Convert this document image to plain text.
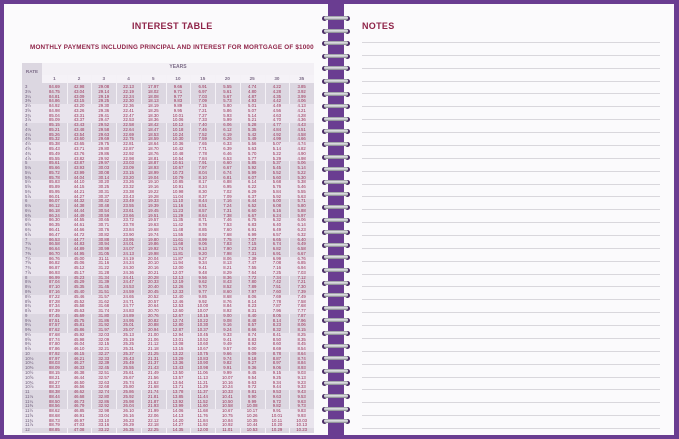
INTEREST TABLE
MONTHLY PAYMENTS INCLUDING PRINCIPAL AND INTEREST FOR MORTGAGE OF $1000
YEARS
RATE
1	2	3	4	5	10	15	20	25	30	35
3	84.69	42.98	29.08	22.13	17.97	9.66	6.91	5.55	4.74	4.22	3.85
3⅛	84.75	43.04	29.14	22.19	18.02	9.71	6.97	5.61	4.80	4.28	3.92
3¼	84.81	43.09	29.19	22.24	18.08	9.77	7.03	5.67	4.87	4.35	3.99
3⅜	84.86	43.15	29.25	22.30	18.13	9.83	7.09	5.73	4.93	4.42	4.06
3½	84.92	43.20	29.30	22.36	18.19	9.89	7.15	5.80	5.01	4.49	4.13
3⅝	84.98	43.26	29.36	22.41	18.25	9.95	7.21	5.86	5.07	4.56	4.21
3¾	85.04	43.31	29.41	22.47	18.30	10.01	7.27	5.93	5.14	4.63	4.28
3⅞	85.09	43.37	29.47	22.53	18.36	10.06	7.33	5.99	5.21	4.70	4.36
4	85.15	43.43	29.52	22.58	18.42	10.12	7.40	6.06	5.28	4.77	4.43
4⅛	85.21	43.48	29.58	22.64	18.47	10.18	7.46	6.12	5.35	4.84	4.51
4¼	85.26	43.54	29.63	22.69	18.53	10.24	7.52	6.19	5.42	4.92	4.58
4⅜	85.32	43.60	29.69	22.75	18.59	10.30	7.59	6.26	5.49	4.99	4.66
4½	85.38	43.65	29.75	22.81	18.64	10.36	7.65	6.33	5.56	5.07	4.74
4⅝	85.43	43.71	29.80	22.87	18.70	10.42	7.71	6.39	5.63	5.14	4.82
4¾	85.49	43.76	29.86	22.92	18.76	10.48	7.78	6.46	5.70	5.22	4.90
4⅞	85.55	43.82	29.92	22.98	18.81	10.54	7.84	6.53	5.77	5.29	4.98
5	85.61	43.87	29.97	23.03	18.87	10.61	7.91	6.60	5.85	5.37	5.06
5⅛	85.66	43.93	30.03	23.09	18.93	10.67	7.97	6.67	5.92	5.45	5.14
5¼	85.72	43.99	30.08	23.15	18.99	10.73	8.04	6.74	5.99	5.52	5.22
5⅜	85.78	44.04	30.14	23.20	19.04	10.79	8.10	6.81	6.07	5.60	5.30
5½	85.83	44.10	30.20	23.26	19.10	10.85	8.17	6.88	6.14	5.68	5.38
5⅝	85.89	44.15	30.25	23.32	19.16	10.91	8.24	6.95	6.22	5.76	5.46
5¾	85.95	44.21	30.31	23.38	19.22	10.98	8.30	7.02	6.29	5.84	5.55
5⅞	86.01	44.27	30.37	23.43	19.28	11.04	8.37	7.09	6.37	5.92	5.63
6	86.07	44.32	30.42	23.49	19.33	11.10	8.44	7.16	6.44	6.00	5.71
6⅛	86.12	44.38	30.48	23.55	19.39	11.16	8.51	7.24	6.52	6.08	5.80
6¼	86.18	44.44	30.54	23.61	19.45	11.23	8.57	7.31	6.60	6.16	5.88
6⅜	86.24	44.49	30.59	23.66	19.51	11.29	8.64	7.38	6.67	6.24	5.97
6½	86.30	44.55	30.65	23.72	19.57	11.35	8.71	7.46	6.75	6.32	6.06
6⅝	86.35	44.61	30.71	23.78	19.63	11.42	8.78	7.53	6.83	6.40	6.14
6¾	86.41	44.66	30.76	23.84	19.68	11.48	8.85	7.60	6.91	6.49	6.23
6⅞	86.47	44.72	30.82	23.90	19.74	11.55	8.92	7.68	6.99	6.57	6.32
7	86.53	44.77	30.88	23.95	19.80	11.61	8.99	7.75	7.07	6.65	6.40
7⅛	86.58	44.83	30.94	24.01	19.86	11.68	9.06	7.83	7.15	6.74	6.49
7¼	86.64	44.89	30.99	24.07	19.92	11.74	9.13	7.90	7.23	6.82	6.58
7⅜	86.70	44.95	31.05	24.13	19.98	11.81	9.20	7.98	7.31	6.91	6.67
7½	86.76	45.00	31.11	24.19	20.04	11.87	9.27	8.06	7.39	6.99	6.76
7⅝	86.82	45.06	31.16	24.24	20.10	11.94	9.34	8.13	7.47	7.08	6.85
7¾	86.87	45.12	31.22	24.30	20.16	12.00	9.41	8.21	7.55	7.16	6.94
7⅞	86.93	45.17	31.28	24.36	20.21	12.07	9.48	8.29	7.64	7.25	7.03
8	86.99	45.23	31.34	24.41	20.28	12.13	9.56	8.36	7.72	7.34	7.12
8⅛	87.04	45.29	31.39	24.47	20.33	12.19	9.62	8.43	7.80	7.42	7.21
8¼	87.10	45.35	31.45	24.53	20.40	12.26	9.70	8.52	7.89	7.51	7.30
8⅜	87.16	45.40	31.51	24.59	20.45	12.33	9.77	8.60	7.97	7.60	7.39
8½	87.22	45.46	31.57	24.65	20.52	12.40	9.85	8.68	8.06	7.69	7.49
8⅝	87.28	45.52	31.62	24.71	20.57	12.46	9.92	8.76	8.14	7.78	7.58
8¾	87.34	45.58	31.68	24.77	20.64	12.53	10.00	8.84	8.23	7.87	7.68
8⅞	87.39	45.63	31.74	24.83	20.70	12.60	10.07	8.92	8.31	7.96	7.77
9	87.45	45.69	31.80	24.89	20.76	12.67	10.15	9.00	8.40	8.05	7.87
9⅛	87.51	45.75	31.86	24.95	20.82	12.74	10.22	9.08	8.48	8.14	7.96
9¼	87.57	45.81	31.92	25.01	20.88	12.80	10.30	9.16	8.57	8.23	8.06
9⅜	87.62	45.86	31.97	25.07	20.94	12.87	10.37	9.24	8.66	8.32	8.15
9½	87.68	45.92	32.03	25.13	21.00	12.94	10.45	9.33	8.74	8.41	8.25
9⅝	87.74	45.98	32.09	25.19	21.06	13.01	10.52	9.41	8.83	8.50	8.35
9¾	87.80	46.04	32.15	25.25	21.12	13.08	10.60	9.49	8.92	8.60	8.45
9⅞	87.86	46.10	32.21	25.31	21.18	13.15	10.67	9.57	9.00	8.69	8.54
10	87.92	46.15	32.27	25.37	21.25	13.22	10.75	9.66	9.09	8.78	8.64
10⅛	87.97	46.21	32.33	25.43	21.31	13.29	10.83	9.74	9.18	8.87	8.74
10¼	88.03	46.27	32.39	25.49	21.37	13.36	10.90	9.82	9.27	8.97	8.84
10⅜	88.09	46.33	32.45	25.55	21.43	13.43	10.98	9.91	9.36	9.06	8.93
10½	88.15	46.38	32.51	25.61	21.49	13.50	11.06	9.99	9.45	9.15	9.03
10⅝	88.21	46.44	32.57	25.67	21.56	13.57	11.13	10.07	9.54	9.25	9.13
10¾	88.27	46.50	32.63	25.74	21.62	13.64	11.21	10.16	9.63	9.34	9.23
10⅞	88.33	46.56	32.68	25.80	21.68	13.71	11.29	10.24	9.72	9.44	9.33
11	88.38	46.62	32.74	25.86	21.74	13.78	11.37	10.33	9.81	9.53	9.43
11⅛	88.44	46.68	32.80	25.92	21.81	13.85	11.44	10.41	9.90	9.63	9.53
11¼	88.50	46.73	32.86	25.98	21.87	13.92	11.52	10.50	9.99	9.72	9.63
11⅜	88.56	46.79	32.92	26.04	21.93	13.99	11.60	10.58	10.08	9.82	9.73
11½	88.62	46.85	32.98	26.10	21.99	14.06	11.68	10.67	10.17	9.91	9.83
11⅝	88.68	46.91	33.04	26.16	22.06	14.13	11.76	10.75	10.26	10.01	9.93
11¾	88.73	46.97	33.10	26.23	22.12	14.20	11.84	10.84	10.35	10.11	10.03
11⅞	88.79	47.03	33.16	26.29	22.18	14.27	11.92	10.92	10.44	10.20	10.13
12	88.85	47.08	33.22	26.35	22.25	14.35	12.00	11.01	10.53	10.29	10.23
NOTES
